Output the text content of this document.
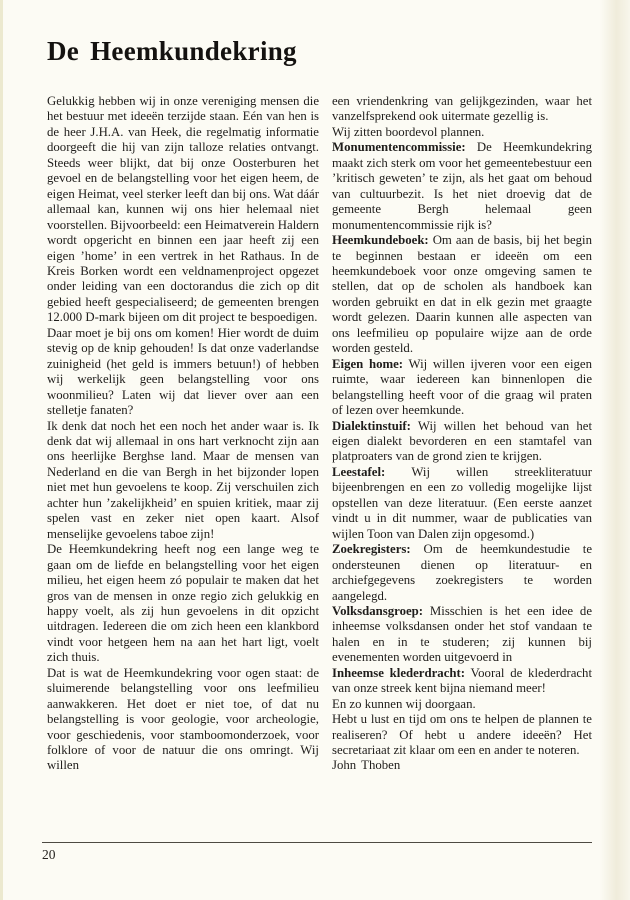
De Heemkundekring

Gelukkig hebben wij in onze vereniging mensen die het bestuur met ideeën terzijde staan. Eén van hen is de heer J.H.A. van Heek, die regelmatig informatie doorgeeft die hij van zijn talloze relaties ontvangt. Steeds weer blijkt, dat bij onze Oosterburen het gevoel en de belangstelling voor het eigen heem, de eigen Heimat, veel sterker leeft dan bij ons. Wat dáár allemaal kan, kunnen wij ons hier helemaal niet voorstellen. Bijvoorbeeld: een Heimatverein Haldern wordt opgericht en binnen een jaar heeft zij een eigen ’home’ in een vertrek in het Rathaus. In de Kreis Borken wordt een veldnamenproject opgezet onder leiding van een doctorandus die zich op dit gebied heeft gespecialiseerd; de gemeenten brengen 12.000 D-mark bijeen om dit project te bespoedigen.

Daar moet je bij ons om komen! Hier wordt de duim stevig op de knip gehouden! Is dat onze vaderlandse zuinigheid (het geld is immers betuun!) of hebben wij werkelijk geen belangstelling voor ons woonmilieu? Laten wij dat liever over aan een stelletje fanaten?

Ik denk dat noch het een noch het ander waar is. Ik denk dat wij allemaal in ons hart verknocht zijn aan ons heerlijke Berghse land. Maar de mensen van Nederland en die van Bergh in het bijzonder lopen niet met hun gevoelens te koop. Zij verschuilen zich achter hun ’zakelijkheid’ en spuien kritiek, maar zij spelen vast en zeker niet open kaart. Alsof menselijke gevoelens taboe zijn!

De Heemkundekring heeft nog een lange weg te gaan om de liefde en belangstelling voor het eigen milieu, het eigen heem zó populair te maken dat het gros van de mensen in onze regio zich gelukkig en happy voelt, als zij hun gevoelens in dit opzicht uitdragen. Iedereen die om zich heen een klankbord vindt voor hetgeen hem na aan het hart ligt, voelt zich thuis.

Dat is wat de Heemkundekring voor ogen staat: de sluimerende belangstelling voor ons leefmilieu aanwakkeren. Het doet er niet toe, of dat nu belangstelling is voor geologie, voor archeologie, voor geschiedenis, voor stamboomonderzoek, voor folklore of voor de natuur die ons omringt. Wij willen

een vriendenkring van gelijkgezinden, waar het vanzelfsprekend ook uitermate gezellig is.

Wij zitten boordevol plannen.

Monumentencommissie: De Heemkundekring maakt zich sterk om voor het gemeentebestuur een ’kritisch geweten’ te zijn, als het gaat om behoud van cultuurbezit. Is het niet droevig dat de gemeente Bergh helemaal geen monumentencommissie rijk is?

Heemkundeboek: Om aan de basis, bij het begin te beginnen bestaan er ideeën om een heemkundeboek voor onze omgeving samen te stellen, dat op de scholen als handboek kan worden gebruikt en dat in elk gezin met graagte wordt gelezen. Daarin kunnen alle aspecten van ons leefmilieu op populaire wijze aan de orde worden gesteld.

Eigen home: Wij willen ijveren voor een eigen ruimte, waar iedereen kan binnenlopen die belangstelling heeft voor of die graag wil praten of lezen over heemkunde.

Dialektinstuif: Wij willen het behoud van het eigen dialekt bevorderen en een stamtafel van platproaters van de grond zien te krijgen.

Leestafel: Wij willen streekliteratuur bijeenbrengen en een zo volledig mogelijke lijst opstellen van deze literatuur. (Een eerste aanzet vindt u in dit nummer, waar de publicaties van wijlen Toon van Dalen zijn opgesomd.)

Zoekregisters: Om de heemkundestudie te ondersteunen dienen op literatuur- en archiefgegevens zoekregisters te worden aangelegd.

Volksdansgroep: Misschien is het een idee de inheemse volksdansen onder het stof vandaan te halen en in te studeren; zij kunnen bij evenementen worden uitgevoerd in

Inheemse klederdracht: Vooral de klederdracht van onze streek kent bijna niemand meer!

En zo kunnen wij doorgaan.

Hebt u lust en tijd om ons te helpen de plannen te realiseren? Of hebt u andere ideeën? Het secretariaat zit klaar om een en ander te noteren.

John Thoben

20
